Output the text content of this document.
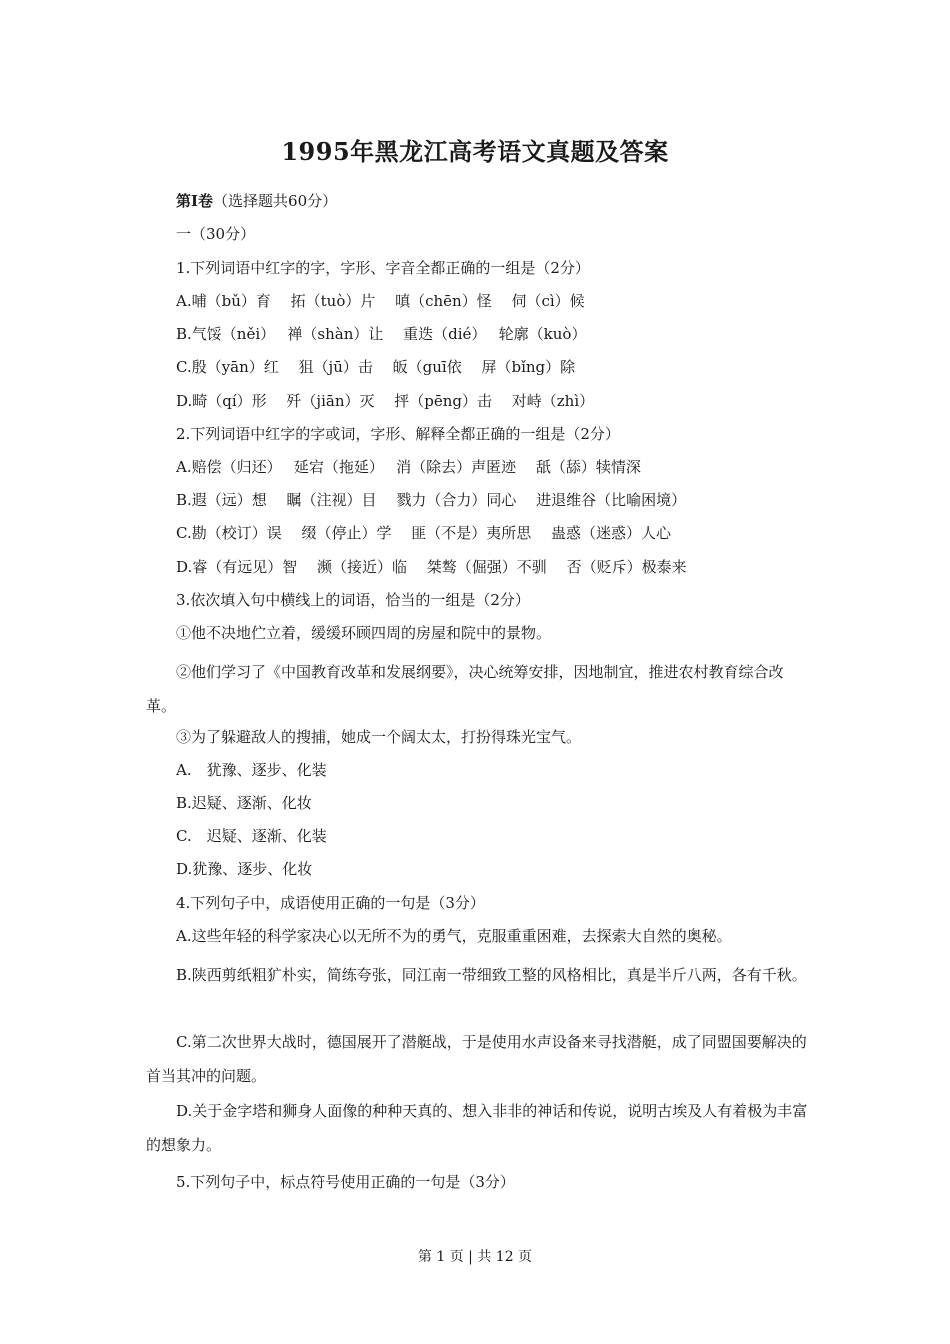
1995年黑龙江高考语文真题及答案
第Ⅰ卷（选择题共60分）
一（30分）
1.下列词语中红字的字，字形、字音全都正确的一组是（2分）
A.哺（bǔ）育　 拓（tuò）片　 嗔（chēn）怪　 伺（cì）候
B.气馁（něi）　 禅（shàn）让　 重迭（dié）　 轮廓（kuò）
C.殷（yān）红　 狙（jū）击　 皈（guī依　 屏（bǐng）除
D.畸（qí）形　 歼（jiān）灭　 抨（pēng）击　 对峙（zhì）
2.下列词语中红字的字或词，字形、解释全都正确的一组是（2分）
A.赔偿（归还）　 延宕（拖延）　 消（除去）声匿迹　 舐（舔）犊情深
B.遐（远）想　 瞩（注视）目　 戮力（合力）同心　 进退维谷（比喻困境）
C.勘（校订）误　 缀（停止）学　 匪（不是）夷所思　 蛊惑（迷惑）人心
D.睿（有远见）智　 濒（接近）临　 桀骜（倔强）不驯　 否（贬斥）极泰来
3.依次填入句中横线上的词语，恰当的一组是（2分）
①他不决地伫立着，缓缓环顾四周的房屋和院中的景物。
②他们学习了《中国教育改革和发展纲要》，决心统筹安排，因地制宜，推进农村教育综合改革。
③为了躲避敌人的搜捕，她成一个阔太太，打扮得珠光宝气。
A.　犹豫、逐步、化装
B.迟疑、逐渐、化妆
C.　迟疑、逐渐、化装
D.犹豫、逐步、化妆
4.下列句子中，成语使用正确的一句是（3分）
A.这些年轻的科学家决心以无所不为的勇气，克服重重困难，去探索大自然的奥秘。
B.陕西剪纸粗犷朴实，简练夸张，同江南一带细致工整的风格相比，真是半斤八两，各有千秋。
C.第二次世界大战时，德国展开了潜艇战，于是使用水声设备来寻找潜艇，成了同盟国要解决的首当其冲的问题。
D.关于金字塔和狮身人面像的种种天真的、想入非非的神话和传说，说明古埃及人有着极为丰富的想象力。
5.下列句子中，标点符号使用正确的一句是（3分）
第 1 页 | 共 12 页
